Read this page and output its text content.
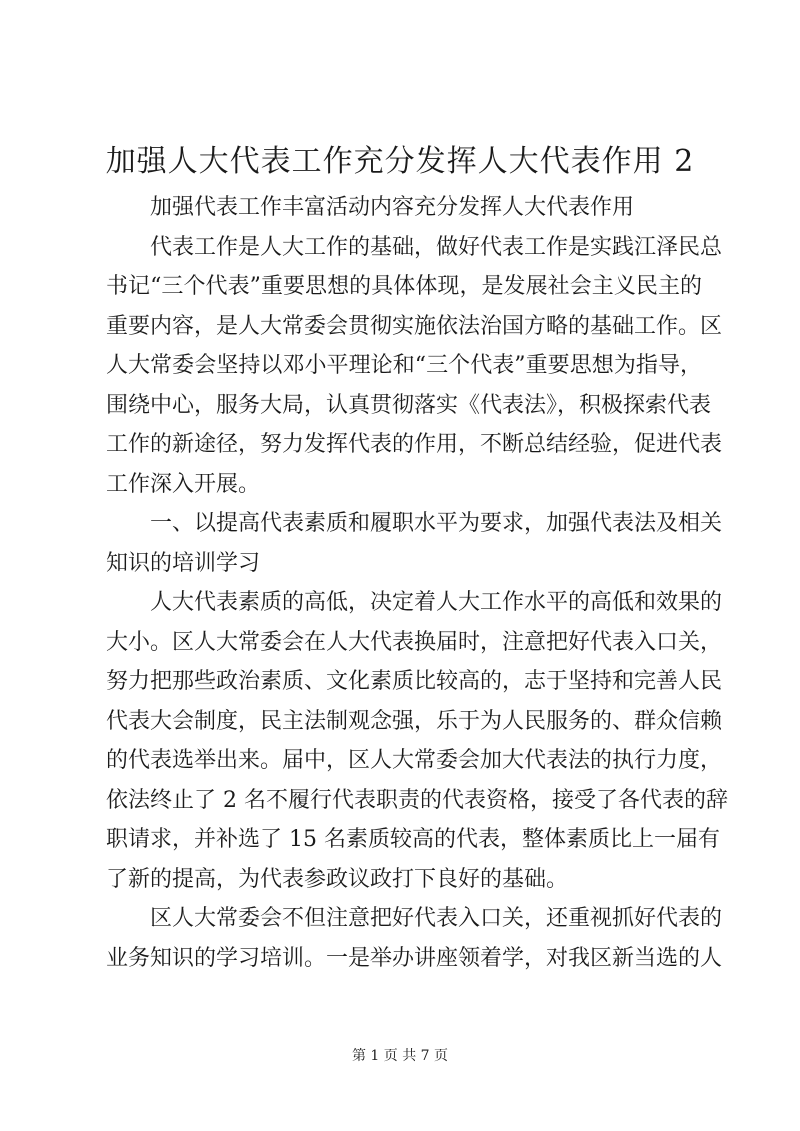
加强人大代表工作充分发挥人大代表作用 2

加强代表工作丰富活动内容充分发挥人大代表作用

代表工作是人大工作的基础，做好代表工作是实践江泽民总
书记“三个代表”重要思想的具体体现，是发展社会主义民主的
重要内容，是人大常委会贯彻实施依法治国方略的基础工作。区
人大常委会坚持以邓小平理论和“三个代表”重要思想为指导，
围绕中心，服务大局，认真贯彻落实《代表法》，积极探索代表
工作的新途径，努力发挥代表的作用，不断总结经验，促进代表
工作深入开展。

一、以提高代表素质和履职水平为要求，加强代表法及相关
知识的培训学习

人大代表素质的高低，决定着人大工作水平的高低和效果的
大小。区人大常委会在人大代表换届时，注意把好代表入口关，
努力把那些政治素质、文化素质比较高的，志于坚持和完善人民
代表大会制度，民主法制观念强，乐于为人民服务的、群众信赖
的代表选举出来。届中，区人大常委会加大代表法的执行力度，
依法终止了 2 名不履行代表职责的代表资格，接受了各代表的辞
职请求，并补选了 15 名素质较高的代表，整体素质比上一届有
了新的提高，为代表参政议政打下良好的基础。

区人大常委会不但注意把好代表入口关，还重视抓好代表的
业务知识的学习培训。一是举办讲座领着学，对我区新当选的人

第 1 页 共 7 页
